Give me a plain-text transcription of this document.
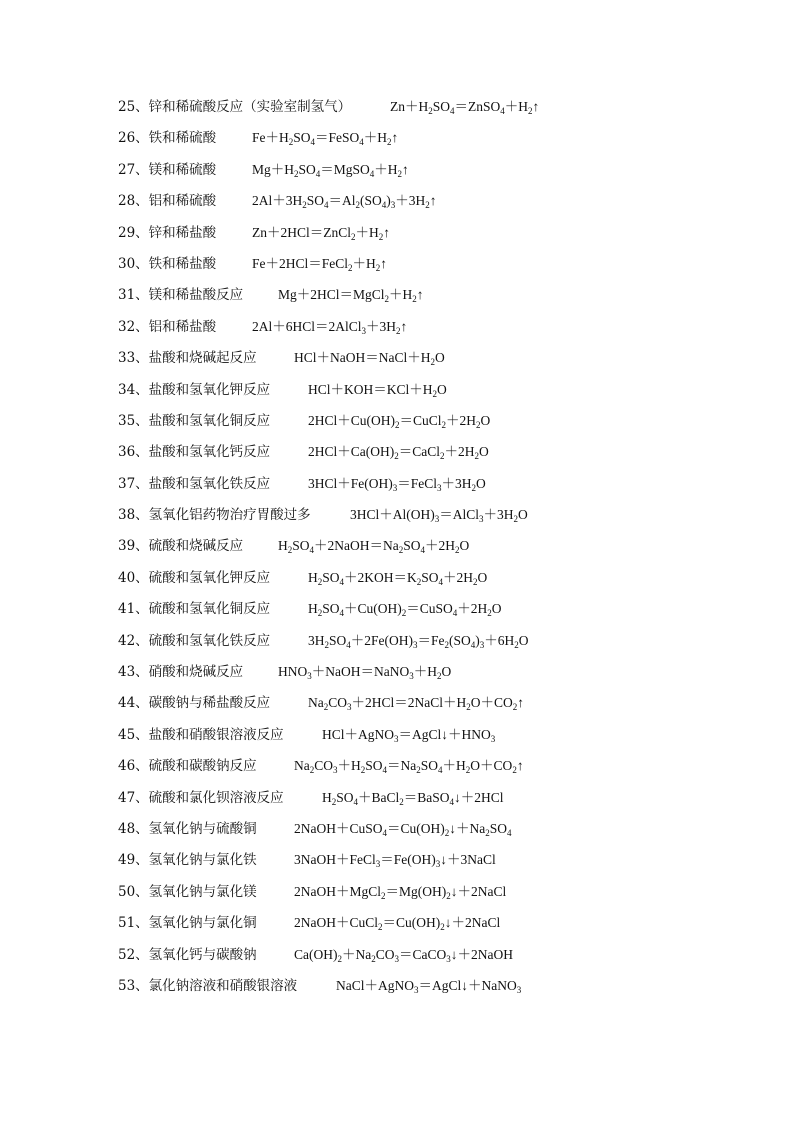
25、锌和稀硫酸反应（实验室制氢气）	$Zn+H_2SO_4=ZnSO_4+H_2↑$
26、铁和稀硫酸	$Fe+H_2SO_4=FeSO_4+H_2↑$
27、镁和稀硫酸	$Mg+H_2SO_4=MgSO_4+H_2↑$
28、铝和稀硫酸	$2Al+3H_2SO_4=Al_2(SO_4)_3+3H_2↑$
29、锌和稀盐酸	$Zn+2HCl=ZnCl_2+H_2↑$
30、铁和稀盐酸	$Fe+2HCl=FeCl_2+H_2↑$
31、镁和稀盐酸反应	$Mg+2HCl=MgCl_2+H_2↑$
32、铝和稀盐酸	$2Al+6HCl=2AlCl_3+3H_2↑$
33、盐酸和烧碱起反应	$HCl+NaOH=NaCl+H_2O$
34、盐酸和氢氧化钾反应	$HCl+KOH=KCl+H_2O$
35、盐酸和氢氧化铜反应	$2HCl+Cu(OH)_2=CuCl_2+2H_2O$
36、盐酸和氢氧化钙反应	$2HCl+Ca(OH)_2=CaCl_2+2H_2O$
37、盐酸和氢氧化铁反应	$3HCl+Fe(OH)_3=FeCl_3+3H_2O$
38、氢氧化铝药物治疗胃酸过多	$3HCl+Al(OH)_3=AlCl_3+3H_2O$
39、硫酸和烧碱反应	$H_2SO_4+2NaOH=Na_2SO_4+2H_2O$
40、硫酸和氢氧化钾反应	$H_2SO_4+2KOH=K_2SO_4+2H_2O$
41、硫酸和氢氧化铜反应	$H_2SO_4+Cu(OH)_2=CuSO_4+2H_2O$
42、硫酸和氢氧化铁反应	$3H_2SO_4+2Fe(OH)_3=Fe_2(SO_4)_3+6H_2O$
43、硝酸和烧碱反应	$HNO_3+NaOH=NaNO_3+H_2O$
44、碳酸钠与稀盐酸反应	$Na_2CO_3+2HCl=2NaCl+H_2O+CO_2↑$
45、盐酸和硝酸银溶液反应	$HCl+AgNO_3=AgCl↓+HNO_3$
46、硫酸和碳酸钠反应	$Na_2CO_3+H_2SO_4=Na_2SO_4+H_2O+CO_2↑$
47、硫酸和氯化钡溶液反应	$H_2SO_4+BaCl_2=BaSO_4↓+2HCl$
48、氢氧化钠与硫酸铜	$2NaOH+CuSO_4=Cu(OH)_2↓+Na_2SO_4$
49、氢氧化钠与氯化铁	$3NaOH+FeCl_3=Fe(OH)_3↓+3NaCl$
50、氢氧化钠与氯化镁	$2NaOH+MgCl_2=Mg(OH)_2↓+2NaCl$
51、氢氧化钠与氯化铜	$2NaOH+CuCl_2=Cu(OH)_2↓+2NaCl$
52、氢氧化钙与碳酸钠	$Ca(OH)_2+Na_2CO_3=CaCO_3↓+2NaOH$
53、氯化钠溶液和硝酸银溶液	NaCl＋AgNO$_3$＝AgCl↓＋NaNO$_3$
